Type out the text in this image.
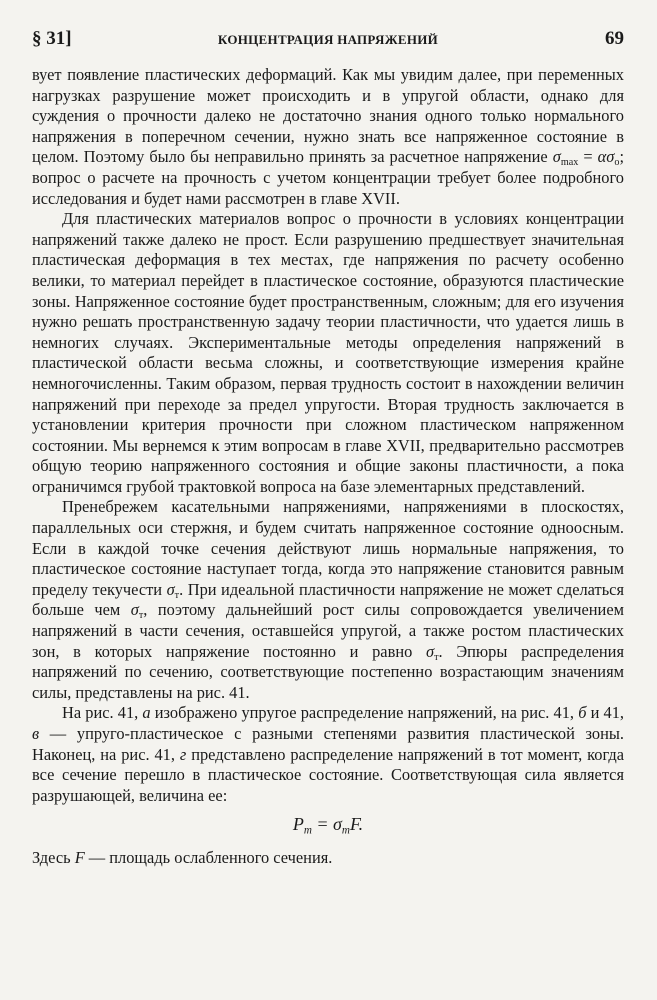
§ 31]	КОНЦЕНТРАЦИЯ НАПРЯЖЕНИЙ	69

вует появление пластических деформаций. Как мы увидим далее, при переменных нагрузках разрушение может происходить и в упругой области, однако для суждения о прочности далеко не достаточно знания одного только нормального напряжения в поперечном сечении, нужно знать все напряженное состояние в целом. Поэтому было бы неправильно принять за расчетное напряжение $\sigma_{max} = \alpha\sigma_o$; вопрос о расчете на прочность с учетом концентрации требует более подробного исследования и будет нами рассмотрен в главе XVII.

Для пластических материалов вопрос о прочности в условиях концентрации напряжений также далеко не прост. Если разрушению предшествует значительная пластическая деформация в тех местах, где напряжения по расчету особенно велики, то материал перейдет в пластическое состояние, образуются пластические зоны. Напряженное состояние будет пространственным, сложным; для его изучения нужно решать пространственную задачу теории пластичности, что удается лишь в немногих случаях. Экспериментальные методы определения напряжений в пластической области весьма сложны, и соответствующие измерения крайне немногочисленны. Таким образом, первая трудность состоит в нахождении величин напряжений при переходе за предел упругости. Вторая трудность заключается в установлении критерия прочности при сложном пластическом напряженном состоянии. Мы вернемся к этим вопросам в главе XVII, предварительно рассмотрев общую теорию напряженного состояния и общие законы пластичности, а пока ограничимся грубой трактовкой вопроса на базе элементарных представлений.

Пренебрежем касательными напряжениями, напряжениями в плоскостях, параллельных оси стержня, и будем считать напряженное состояние одноосным. Если в каждой точке сечения действуют лишь нормальные напряжения, то пластическое состояние наступает тогда, когда это напряжение становится равным пределу текучести $\sigma_т$. При идеальной пластичности напряжение не может сделаться больше чем $\sigma_т$, поэтому дальнейший рост силы сопровождается увеличением напряжений в части сечения, оставшейся упругой, а также ростом пластических зон, в которых напряжение постоянно и равно $\sigma_т$. Эпюры распределения напряжений по сечению, соответствующие постепенно возрастающим значениям силы, представлены на рис. 41.

На рис. 41, а изображено упругое распределение напряжений, на рис. 41, б и 41, в — упруго-пластическое с разными степенями развития пластической зоны. Наконец, на рис. 41, г представлено распределение напряжений в тот момент, когда все сечение перешло в пластическое состояние. Соответствующая сила является разрушающей, величина ее:

$P_т = \sigma_тF$.

Здесь F — площадь ослабленного сечения.
